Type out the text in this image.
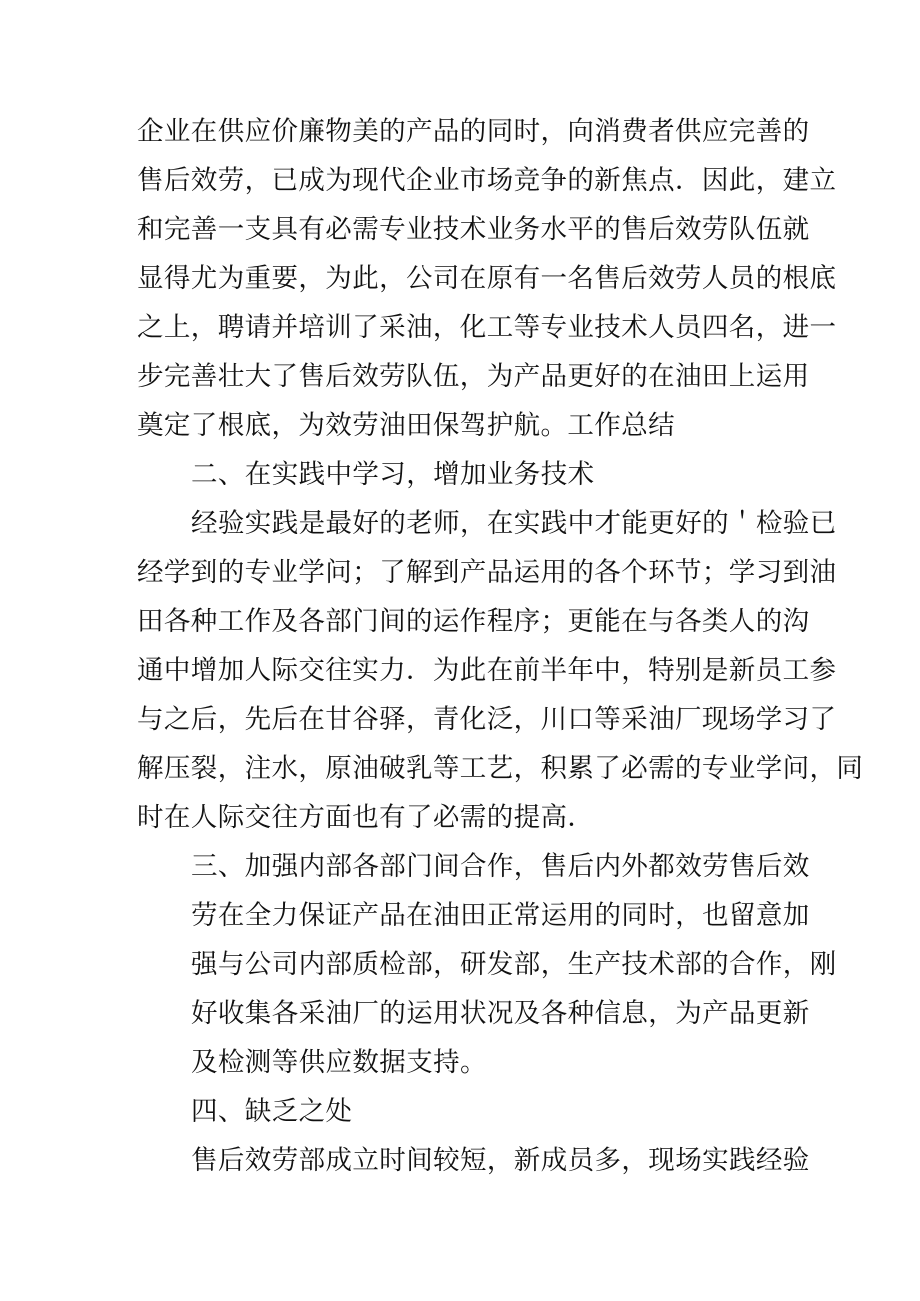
企业在供应价廉物美的产品的同时，向消费者供应完善的
售后效劳，已成为现代企业市场竞争的新焦点．因此，建立
和完善一支具有必需专业技术业务水平的售后效劳队伍就
显得尤为重要，为此，公司在原有一名售后效劳人员的根底
之上，聘请并培训了采油，化工等专业技术人员四名，进一
步完善壮大了售后效劳队伍，为产品更好的在油田上运用
奠定了根底，为效劳油田保驾护航。工作总结
二、在实践中学习，增加业务技术
经验实践是最好的老师，在实践中才能更好的＇检验已
经学到的专业学问；了解到产品运用的各个环节；学习到油
田各种工作及各部门间的运作程序；更能在与各类人的沟
通中增加人际交往实力．为此在前半年中，特别是新员工参
与之后，先后在甘谷驿，青化泛，川口等采油厂现场学习了
解压裂，注水，原油破乳等工艺，积累了必需的专业学问，同
时在人际交往方面也有了必需的提高．
三、加强内部各部门间合作，售后内外都效劳售后效
劳在全力保证产品在油田正常运用的同时，也留意加
强与公司内部质检部，研发部，生产技术部的合作，刚
好收集各采油厂的运用状况及各种信息，为产品更新
及检测等供应数据支持。
四、缺乏之处
售后效劳部成立时间较短，新成员多，现场实践经验
